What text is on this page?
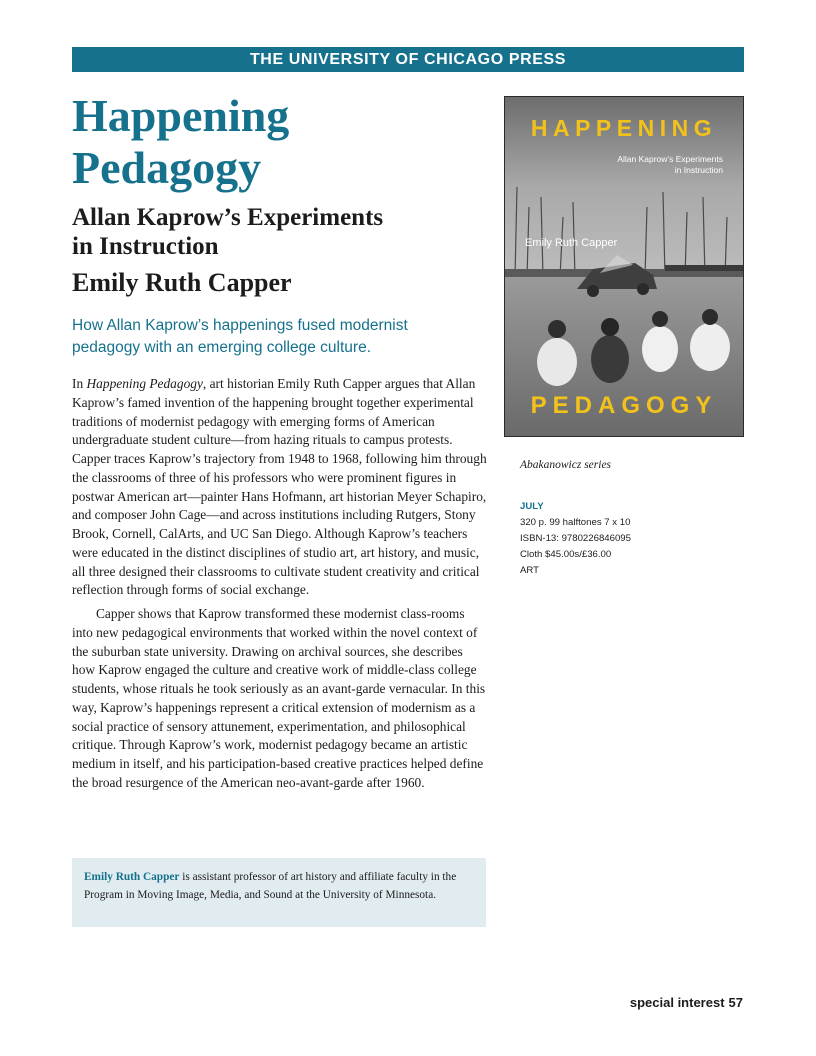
THE UNIVERSITY OF CHICAGO PRESS
Happening
Pedagogy
Allan Kaprow’s Experiments
in Instruction
Emily Ruth Capper

How Allan Kaprow’s happenings fused modernist pedagogy with an emerging college culture.

In Happening Pedagogy, art historian Emily Ruth Capper argues that Allan Kaprow’s famed invention of the happening brought together experimental traditions of modernist pedagogy with emerging forms of American undergraduate student culture—from hazing rituals to campus protests. Capper traces Kaprow’s trajectory from 1948 to 1968, following him through the classrooms of three of his professors who were prominent figures in postwar American art—painter Hans Hofmann, art historian Meyer Schapiro, and composer John Cage—and across institutions including Rutgers, Stony Brook, Cornell, CalArts, and UC San Diego. Although Kaprow’s teachers were educated in the distinct disciplines of studio art, art history, and music, all three designed their classrooms to cultivate student creativity and critical reflection through forms of social exchange.

Capper shows that Kaprow transformed these modernist class-rooms into new pedagogical environments that worked within the novel context of the suburban state university. Drawing on archival sources, she describes how Kaprow engaged the culture and creative work of middle-class college students, whose rituals he took seriously as an avant-garde vernacular. In this way, Kaprow’s happenings represent a critical extension of modernism as a social practice of sensory attunement, experimentation, and philosophical critique. Through Kaprow’s work, modernist pedagogy became an artistic medium in itself, and his participation-based creative practices helped define the broad resurgence of the American neo-avant-garde after 1960.

Emily Ruth Capper is assistant professor of art history and affiliate faculty in the Program in Moving Image, Media, and Sound at the University of Minnesota.
HAPPENING
Allan Kaprow’s Experiments
in Instruction
Emily Ruth Capper
PEDAGOGY
Abakanowicz series
JULY
320 p. 99 halftones 7 x 10
ISBN-13: 9780226846095
Cloth $45.00s/£36.00
ART
special interest 57
